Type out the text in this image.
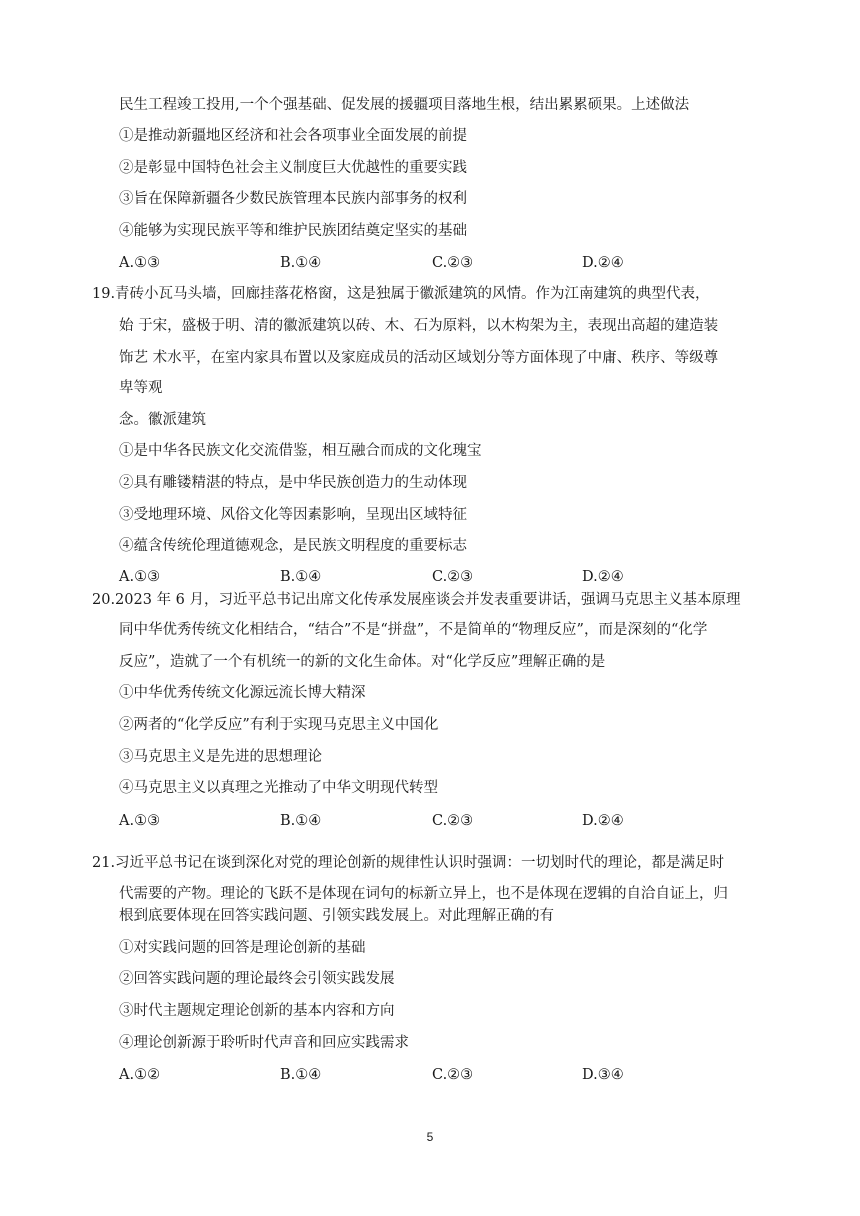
民生工程竣工投用,一个个强基础、促发展的援疆项目落地生根，结出累累硕果。上述做法
①是推动新疆地区经济和社会各项事业全面发展的前提
②是彰显中国特色社会主义制度巨大优越性的重要实践
③旨在保障新疆各少数民族管理本民族内部事务的权利
④能够为实现民族平等和维护民族团结奠定坚实的基础
A.①③	B.①④	C.②③	D.②④
19.青砖小瓦马头墙，回廊挂落花格窗，这是独属于徽派建筑的风情。作为江南建筑的典型代表，
始 于宋，盛极于明、清的徽派建筑以砖、木、石为原料，以木构架为主，表现出高超的建造装
饰艺 术水平，在室内家具布置以及家庭成员的活动区域划分等方面体现了中庸、秩序、等级尊
卑等观
念。徽派建筑
①是中华各民族文化交流借鉴，相互融合而成的文化瑰宝
②具有雕镂精湛的特点，是中华民族创造力的生动体现
③受地理环境、风俗文化等因素影响，呈现出区域特征
④蕴含传统伦理道德观念，是民族文明程度的重要标志
A.①③	B.①④	C.②③	D.②④
20.2023 年 6 月，习近平总书记出席文化传承发展座谈会并发表重要讲话，强调马克思主义基本原理
同中华优秀传统文化相结合，“结合”不是“拼盘”，不是简单的“物理反应”，而是深刻的“化学
反应”，造就了一个有机统一的新的文化生命体。对“化学反应”理解正确的是
①中华优秀传统文化源远流长博大精深
②两者的“化学反应”有利于实现马克思主义中国化
③马克思主义是先进的思想理论
④马克思主义以真理之光推动了中华文明现代转型
A.①③	B.①④	C.②③	D.②④
21.习近平总书记在谈到深化对党的理论创新的规律性认识时强调：一切划时代的理论，都是满足时
代需要的产物。理论的飞跃不是体现在词句的标新立异上，也不是体现在逻辑的自洽自证上，归
根到底要体现在回答实践问题、引领实践发展上。对此理解正确的有
①对实践问题的回答是理论创新的基础
②回答实践问题的理论最终会引领实践发展
③时代主题规定理论创新的基本内容和方向
④理论创新源于聆听时代声音和回应实践需求
A.①②	B.①④	C.②③	D.③④
5
